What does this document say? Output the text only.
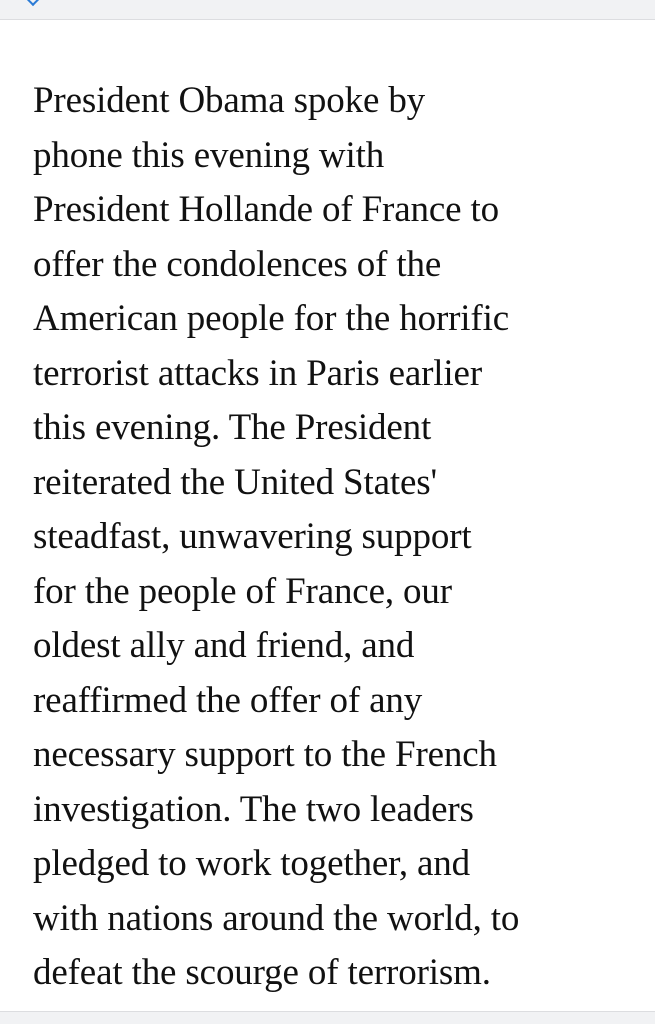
President Obama spoke by
phone this evening with
President Hollande of France to
offer the condolences of the
American people for the horrific
terrorist attacks in Paris earlier
this evening. The President
reiterated the United States'
steadfast, unwavering support
for the people of France, our
oldest ally and friend, and
reaffirmed the offer of any
necessary support to the French
investigation. The two leaders
pledged to work together, and
with nations around the world, to
defeat the scourge of terrorism.
